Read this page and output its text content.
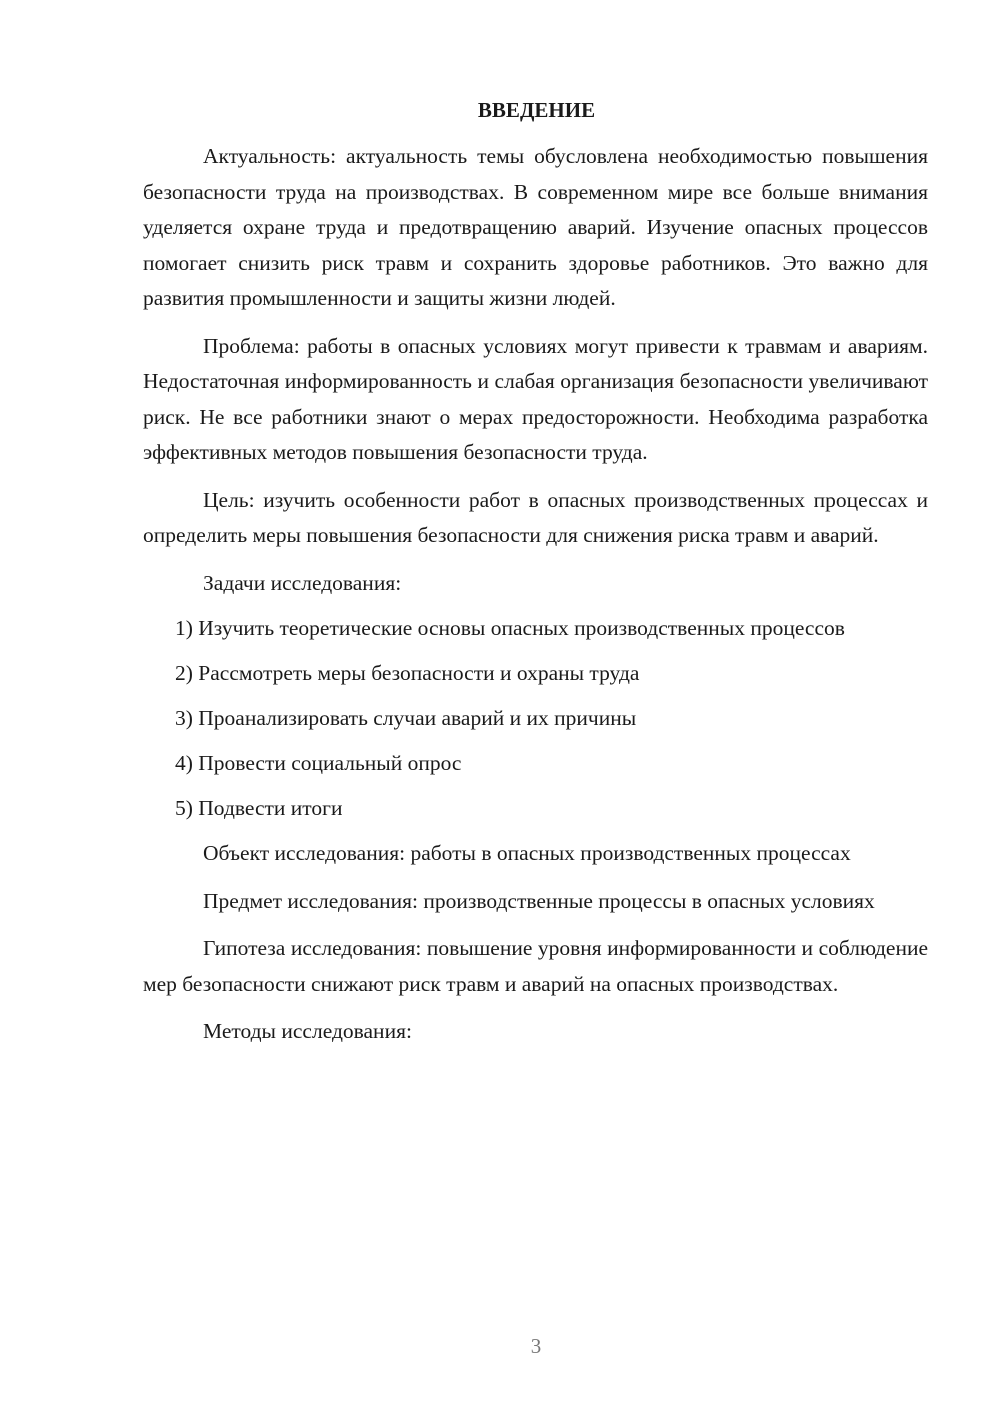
ВВЕДЕНИЕ

Актуальность: актуальность темы обусловлена необходимостью повышения безопасности труда на производствах. В современном мире все больше внимания уделяется охране труда и предотвращению аварий. Изучение опасных процессов помогает снизить риск травм и сохранить здоровье работников. Это важно для развития промышленности и защиты жизни людей.

Проблема: работы в опасных условиях могут привести к травмам и авариям. Недостаточная информированность и слабая организация безопасности увеличивают риск. Не все работники знают о мерах предосторожности. Необходима разработка эффективных методов повышения безопасности труда.

Цель: изучить особенности работ в опасных производственных процессах и определить меры повышения безопасности для снижения риска травм и аварий.

Задачи исследования:

1) Изучить теоретические основы опасных производственных процессов

2) Рассмотреть меры безопасности и охраны труда

3) Проанализировать случаи аварий и их причины

4) Провести социальный опрос

5) Подвести итоги

Объект исследования: работы в опасных производственных процессах

Предмет исследования: производственные процессы в опасных условиях

Гипотеза исследования: повышение уровня информированности и соблюдение мер безопасности снижают риск травм и аварий на опасных производствах.

Методы исследования:

3
